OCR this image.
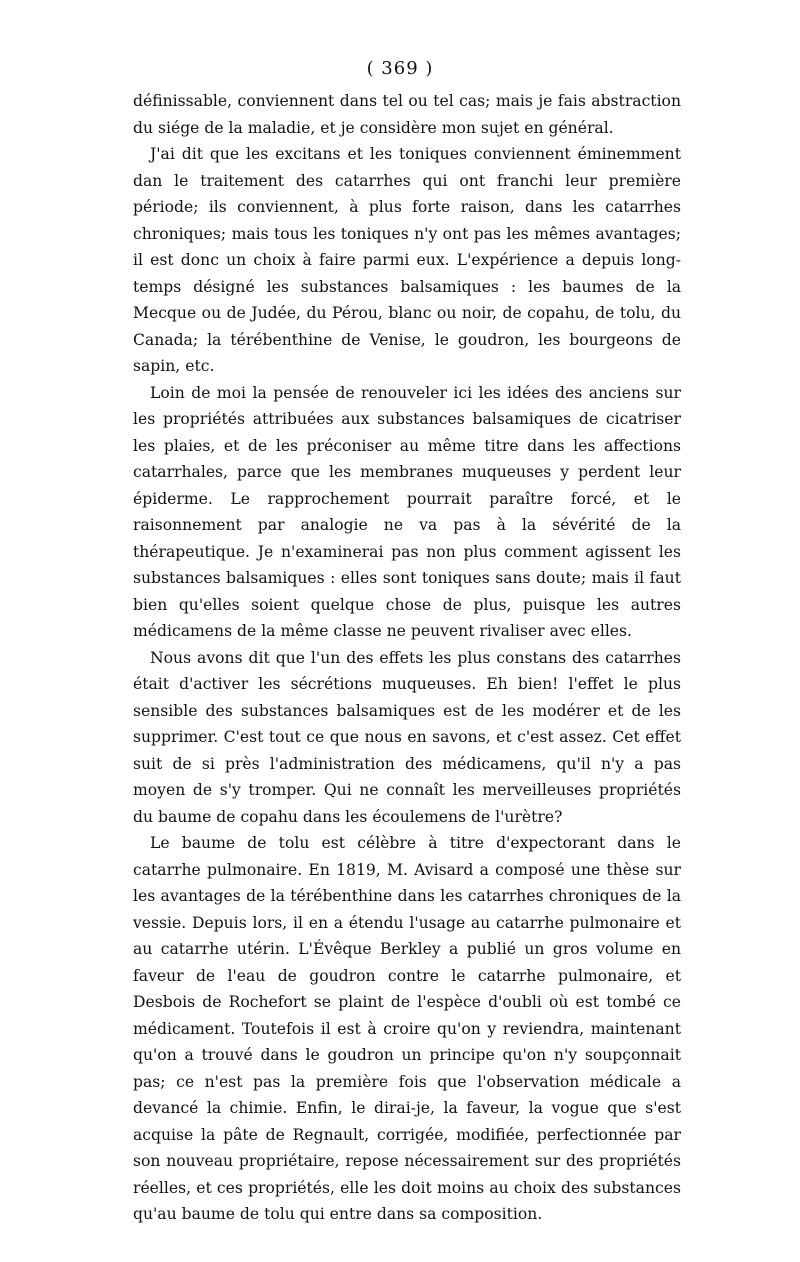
( 369 )

définissable, conviennent dans tel ou tel cas; mais je fais abstraction du siége de la maladie, et je considère mon sujet en général.

J'ai dit que les excitans et les toniques conviennent éminemment dan le traitement des catarrhes qui ont franchi leur première période; ils conviennent, à plus forte raison, dans les catarrhes chroniques; mais tous les toniques n'y ont pas les mêmes avantages; il est donc un choix à faire parmi eux. L'expérience a depuis long-temps désigné les substances balsamiques : les baumes de la Mecque ou de Judée, du Pérou, blanc ou noir, de copahu, de tolu, du Canada; la térébenthine de Venise, le goudron, les bourgeons de sapin, etc.

Loin de moi la pensée de renouveler ici les idées des anciens sur les propriétés attribuées aux substances balsamiques de cicatriser les plaies, et de les préconiser au même titre dans les affections catarrhales, parce que les membranes muqueuses y perdent leur épiderme. Le rapprochement pourrait paraître forcé, et le raisonnement par analogie ne va pas à la sévérité de la thérapeutique. Je n'examinerai pas non plus comment agissent les substances balsamiques : elles sont toniques sans doute; mais il faut bien qu'elles soient quelque chose de plus, puisque les autres médicamens de la même classe ne peuvent rivaliser avec elles.

Nous avons dit que l'un des effets les plus constans des catarrhes était d'activer les sécrétions muqueuses. Eh bien! l'effet le plus sensible des substances balsamiques est de les modérer et de les supprimer. C'est tout ce que nous en savons, et c'est assez. Cet effet suit de si près l'administration des médicamens, qu'il n'y a pas moyen de s'y tromper. Qui ne connaît les merveilleuses propriétés du baume de copahu dans les écoulemens de l'urètre?

Le baume de tolu est célèbre à titre d'expectorant dans le catarrhe pulmonaire. En 1819, M. Avisard a composé une thèse sur les avantages de la térébenthine dans les catarrhes chroniques de la vessie. Depuis lors, il en a étendu l'usage au catarrhe pulmonaire et au catarrhe utérin. L'Évêque Berkley a publié un gros volume en faveur de l'eau de goudron contre le catarrhe pulmonaire, et Desbois de Rochefort se plaint de l'espèce d'oubli où est tombé ce médicament. Toutefois il est à croire qu'on y reviendra, maintenant qu'on a trouvé dans le goudron un principe qu'on n'y soupçonnait pas; ce n'est pas la première fois que l'observation médicale a devancé la chimie. Enfin, le dirai-je, la faveur, la vogue que s'est acquise la pâte de Regnault, corrigée, modifiée, perfectionnée par son nouveau propriétaire, repose nécessairement sur des propriétés réelles, et ces propriétés, elle les doit moins au choix des substances qu'au baume de tolu qui entre dans sa composition.
